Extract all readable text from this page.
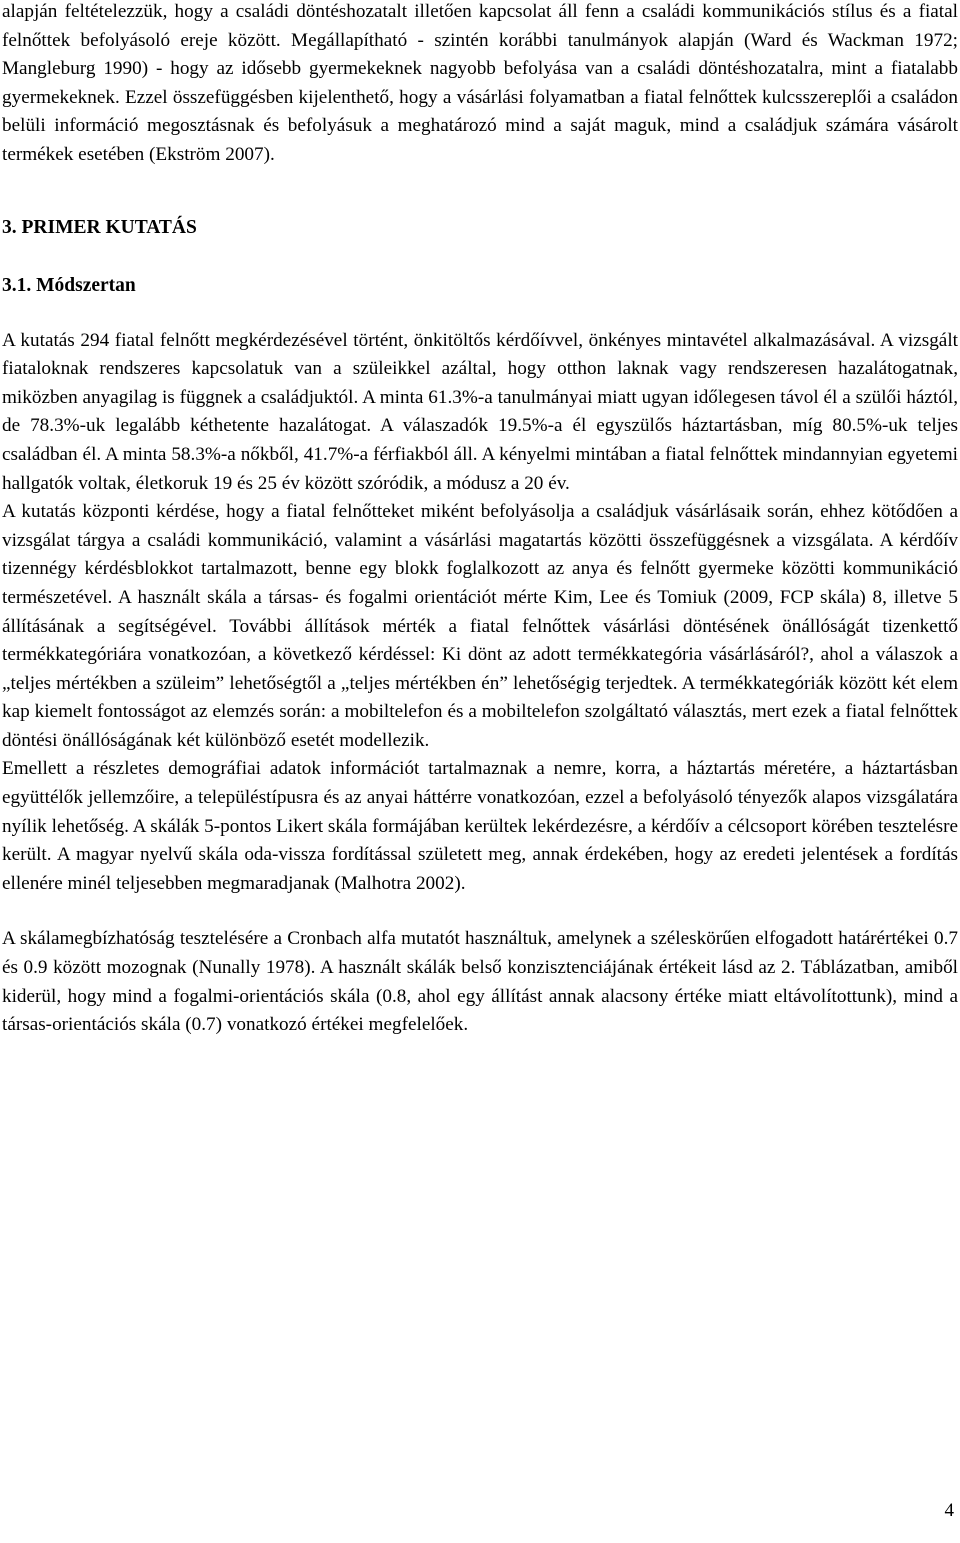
alapján feltételezzük, hogy a családi döntéshozatalt illetően kapcsolat áll fenn a családi kommunikációs stílus és a fiatal felnőttek befolyásoló ereje között. Megállapítható - szintén korábbi tanulmányok alapján (Ward és Wackman 1972; Mangleburg 1990) - hogy az idősebb gyermekeknek nagyobb befolyása van a családi döntéshozatalra, mint a fiatalabb gyermekeknek. Ezzel összefüggésben kijelenthető, hogy a vásárlási folyamatban a fiatal felnőttek kulcsszereplői a családon belüli információ megosztásnak és befolyásuk a meghatározó mind a saját maguk, mind a családjuk számára vásárolt termékek esetében (Ekström 2007).

3. PRIMER KUTATÁS
3.1. Módszertan

A kutatás 294 fiatal felnőtt megkérdezésével történt, önkitöltős kérdőívvel, önkényes mintavétel alkalmazásával. A vizsgált fiataloknak rendszeres kapcsolatuk van a szüleikkel azáltal, hogy otthon laknak vagy rendszeresen hazalátogatnak, miközben anyagilag is függnek a családjuktól. A minta 61.3%-a tanulmányai miatt ugyan időlegesen távol él a szülői háztól, de 78.3%-uk legalább kéthetente hazalátogat. A válaszadók 19.5%-a él egyszülős háztartásban, míg 80.5%-uk teljes családban él. A minta 58.3%-a nőkből, 41.7%-a férfiakból áll. A kényelmi mintában a fiatal felnőttek mindannyian egyetemi hallgatók voltak, életkoruk 19 és 25 év között szóródik, a módusz a 20 év.

A kutatás központi kérdése, hogy a fiatal felnőtteket miként befolyásolja a családjuk vásárlásaik során, ehhez kötődően a vizsgálat tárgya a családi kommunikáció, valamint a vásárlási magatartás közötti összefüggésnek a vizsgálata. A kérdőív tizennégy kérdésblokkot tartalmazott, benne egy blokk foglalkozott az anya és felnőtt gyermeke közötti kommunikáció természetével. A használt skála a társas- és fogalmi orientációt mérte Kim, Lee és Tomiuk (2009, FCP skála) 8, illetve 5 állításának a segítségével. További állítások mérték a fiatal felnőttek vásárlási döntésének önállóságát tizenkettő termékkategóriára vonatkozóan, a következő kérdéssel: Ki dönt az adott termékkategória vásárlásáról?, ahol a válaszok a „teljes mértékben a szüleim” lehetőségtől a „teljes mértékben én” lehetőségig terjedtek. A termékkategóriák között két elem kap kiemelt fontosságot az elemzés során: a mobiltelefon és a mobiltelefon szolgáltató választás, mert ezek a fiatal felnőttek döntési önállóságának két különböző esetét modellezik.

Emellett a részletes demográfiai adatok információt tartalmaznak a nemre, korra, a háztartás méretére, a háztartásban együttélők jellemzőire, a településtípusra és az anyai háttérre vonatkozóan, ezzel a befolyásoló tényezők alapos vizsgálatára nyílik lehetőség. A skálák 5-pontos Likert skála formájában kerültek lekérdezésre, a kérdőív a célcsoport körében tesztelésre került. A magyar nyelvű skála oda-vissza fordítással született meg, annak érdekében, hogy az eredeti jelentések a fordítás ellenére minél teljesebben megmaradjanak (Malhotra 2002).

A skálamegbízhatóság tesztelésére a Cronbach alfa mutatót használtuk, amelynek a széleskörűen elfogadott határértékei 0.7 és 0.9 között mozognak (Nunally 1978). A használt skálák belső konzisztenciájának értékeit lásd az 2. Táblázatban, amiből kiderül, hogy mind a fogalmi-orientációs skála (0.8, ahol egy állítást annak alacsony értéke miatt eltávolítottunk), mind a társas-orientációs skála (0.7) vonatkozó értékei megfelelőek.

4
